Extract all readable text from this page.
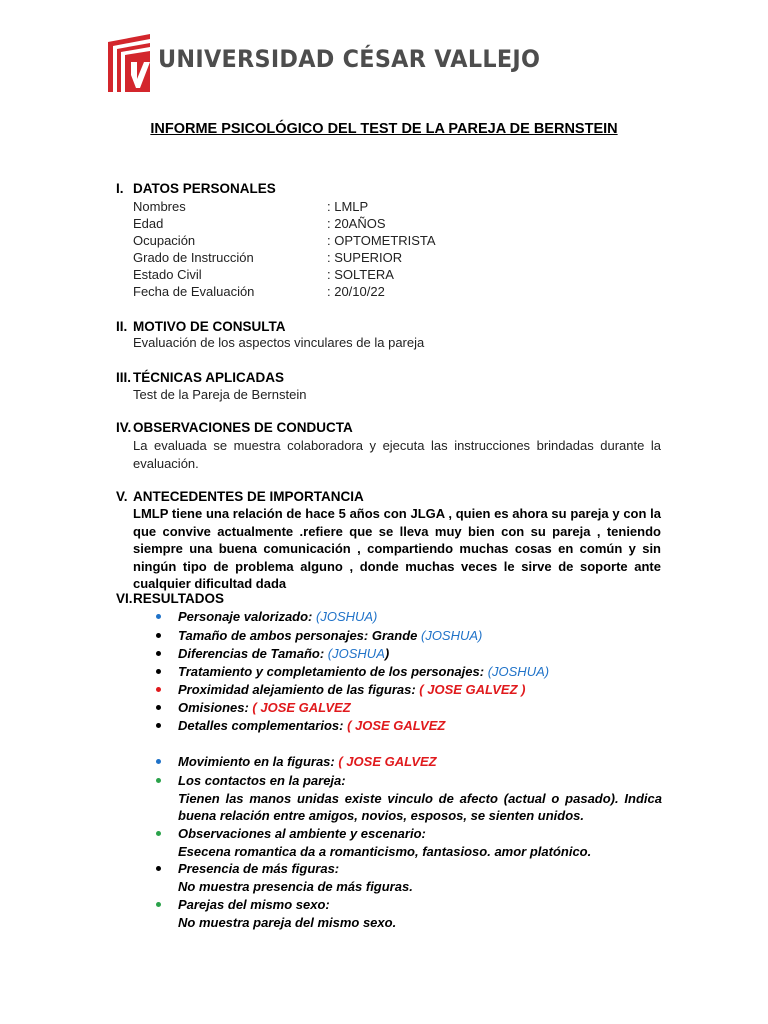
UNIVERSIDAD CÉSAR VALLEJO
INFORME PSICOLÓGICO DEL TEST DE LA PAREJA DE BERNSTEIN
I. DATOS PERSONALES
Nombres	: LMLP
Edad	: 20AÑOS
Ocupación	: OPTOMETRISTA
Grado de Instrucción	: SUPERIOR
Estado Civil	: SOLTERA
Fecha de Evaluación	: 20/10/22
II. MOTIVO DE CONSULTA
Evaluación de los aspectos vinculares de la pareja
III. TÉCNICAS APLICADAS
Test de la Pareja de Bernstein
IV. OBSERVACIONES DE CONDUCTA
La evaluada se muestra colaboradora y ejecuta las instrucciones brindadas durante la evaluación.
V. ANTECEDENTES DE IMPORTANCIA
LMLP tiene una relación de hace 5 años con JLGA , quien es ahora su pareja y con la que convive actualmente .refiere que se lleva muy bien con su pareja , teniendo siempre una buena comunicación , compartiendo muchas cosas en común y sin ningún tipo de problema alguno , donde muchas veces le sirve de soporte ante cualquier dificultad dada
VI.RESULTADOS
Personaje valorizado: (JOSHUA)
Tamaño de ambos personajes: Grande (JOSHUA)
Diferencias de Tamaño: (JOSHUA)
Tratamiento y completamiento de los personajes: (JOSHUA)
Proximidad alejamiento de las figuras: ( JOSE GALVEZ )
Omisiones: ( JOSE GALVEZ
Detalles complementarios: ( JOSE GALVEZ
Movimiento en la figuras: ( JOSE GALVEZ
Los contactos en la pareja:
Tienen las manos unidas existe vinculo de afecto (actual o pasado). Indica buena relación entre amigos, novios, esposos, se sienten unidos.
Observaciones al ambiente y escenario:
Esecena romantica da a romanticismo, fantasioso. amor platónico.
Presencia de más figuras:
No muestra presencia de más figuras.
Parejas del mismo sexo:
No muestra pareja del mismo sexo.
